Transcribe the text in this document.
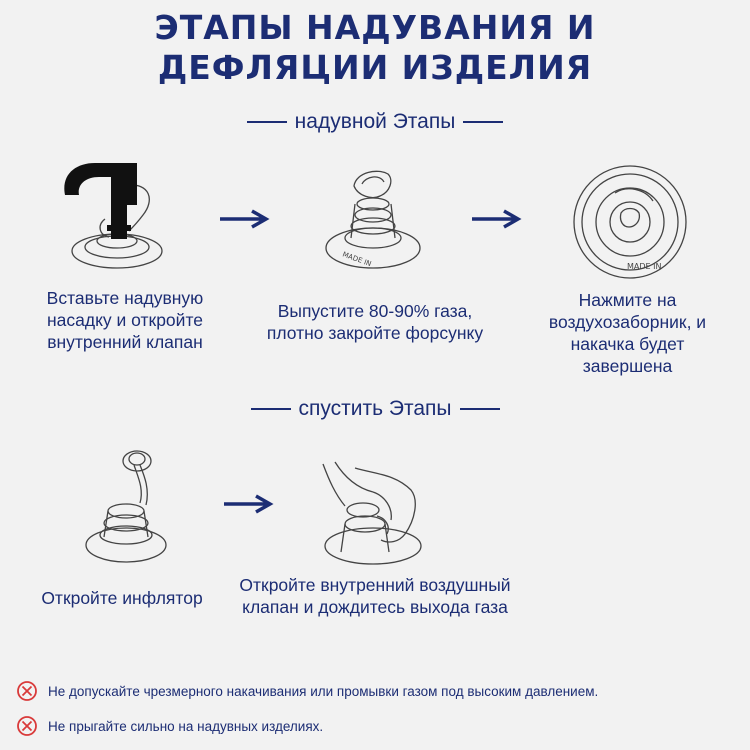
ЭТАПЫ НАДУВАНИЯ И
ДЕФЛЯЦИИ ИЗДЕЛИЯ
надувной Этапы
MADE IN	MADE IN
Вставьте надувную
насадку и откройте
внутренний клапан
Выпустите 80-90% газа,
плотно закройте форсунку
Нажмите на
воздухозаборник, и
накачка будет
завершена
спустить Этапы
Откройте инфлятор
Откройте внутренний воздушный
клапан и дождитесь выхода газа
Не допускайте чрезмерного накачивания или промывки газом под высоким давлением.
Не прыгайте сильно на надувных изделиях.
